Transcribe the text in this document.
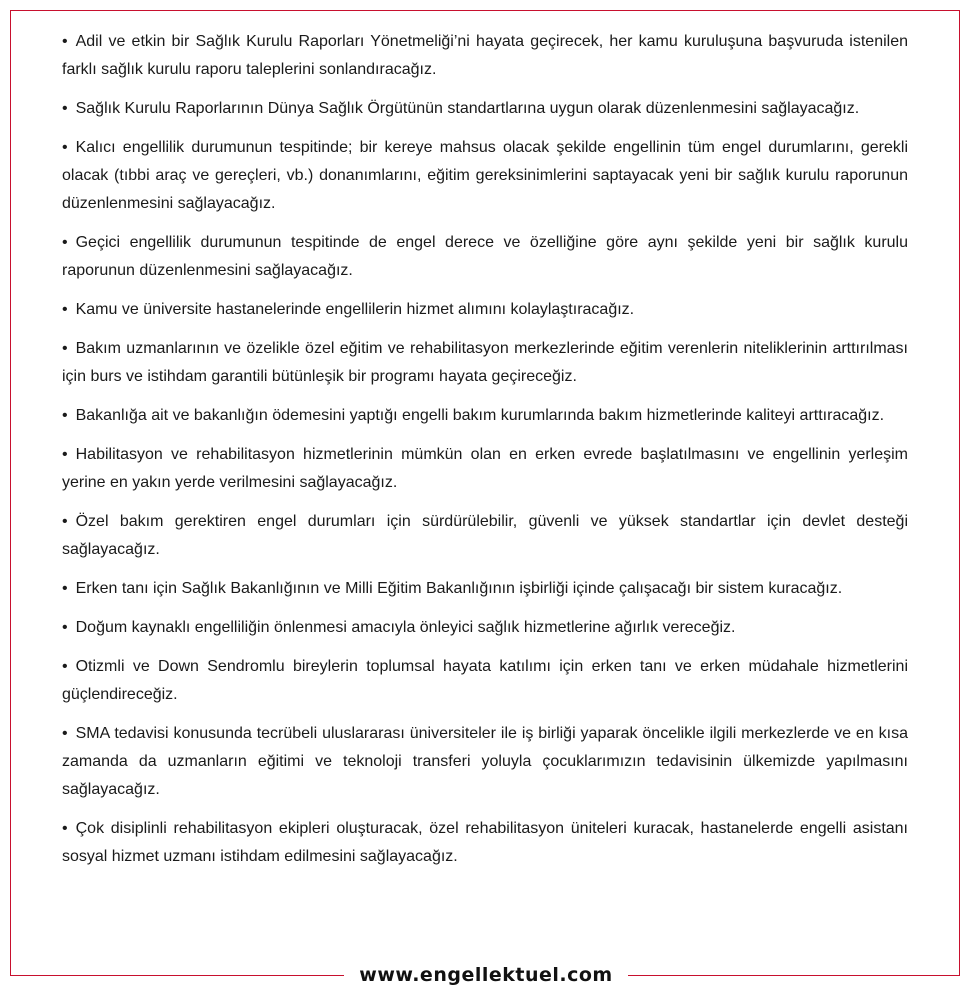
• Adil ve etkin bir Sağlık Kurulu Raporları Yönetmeliği’ni hayata geçirecek, her kamu kuruluşuna başvuruda istenilen farklı sağlık kurulu raporu taleplerini sonlandıracağız.

• Sağlık Kurulu Raporlarının Dünya Sağlık Örgütünün standartlarına uygun olarak düzenlenmesini sağlayacağız.

• Kalıcı engellilik durumunun tespitinde; bir kereye mahsus olacak şekilde engellinin tüm engel durumlarını, gerekli olacak (tıbbi araç ve gereçleri, vb.) donanımlarını, eğitim gereksinimlerini saptayacak yeni bir sağlık kurulu raporunun düzenlenmesini sağlayacağız.

• Geçici engellilik durumunun tespitinde de engel derece ve özelliğine göre aynı şekilde yeni bir sağlık kurulu raporunun düzenlenmesini sağlayacağız.

• Kamu ve üniversite hastanelerinde engellilerin hizmet alımını kolaylaştıracağız.

• Bakım uzmanlarının ve özelikle özel eğitim ve rehabilitasyon merkezlerinde eğitim verenlerin niteliklerinin arttırılması için burs ve istihdam garantili bütünleşik bir programı hayata geçireceğiz.

• Bakanlığa ait ve bakanlığın ödemesini yaptığı engelli bakım kurumlarında bakım hizmetlerinde kaliteyi arttıracağız.

• Habilitasyon ve rehabilitasyon hizmetlerinin mümkün olan en erken evrede başlatılmasını ve engellinin yerleşim yerine en yakın yerde verilmesini sağlayacağız.

• Özel bakım gerektiren engel durumları için sürdürülebilir, güvenli ve yüksek standartlar için devlet desteği sağlayacağız.

• Erken tanı için Sağlık Bakanlığının ve Milli Eğitim Bakanlığının işbirliği içinde çalışacağı bir sistem kuracağız.

• Doğum kaynaklı engelliliğin önlenmesi amacıyla önleyici sağlık hizmetlerine ağırlık vereceğiz.

• Otizmli ve Down Sendromlu bireylerin toplumsal hayata katılımı için erken tanı ve erken müdahale hizmetlerini güçlendireceğiz.

• SMA tedavisi konusunda tecrübeli uluslararası üniversiteler ile iş birliği yaparak öncelikle ilgili merkezlerde ve en kısa zamanda da uzmanların eğitimi ve teknoloji transferi yoluyla çocuklarımızın tedavisinin ülkemizde yapılmasını sağlayacağız.

• Çok disiplinli rehabilitasyon ekipleri oluşturacak, özel rehabilitasyon üniteleri kuracak, hastanelerde engelli asistanı sosyal hizmet uzmanı istihdam edilmesini sağlayacağız.

www.engellektuel.com
